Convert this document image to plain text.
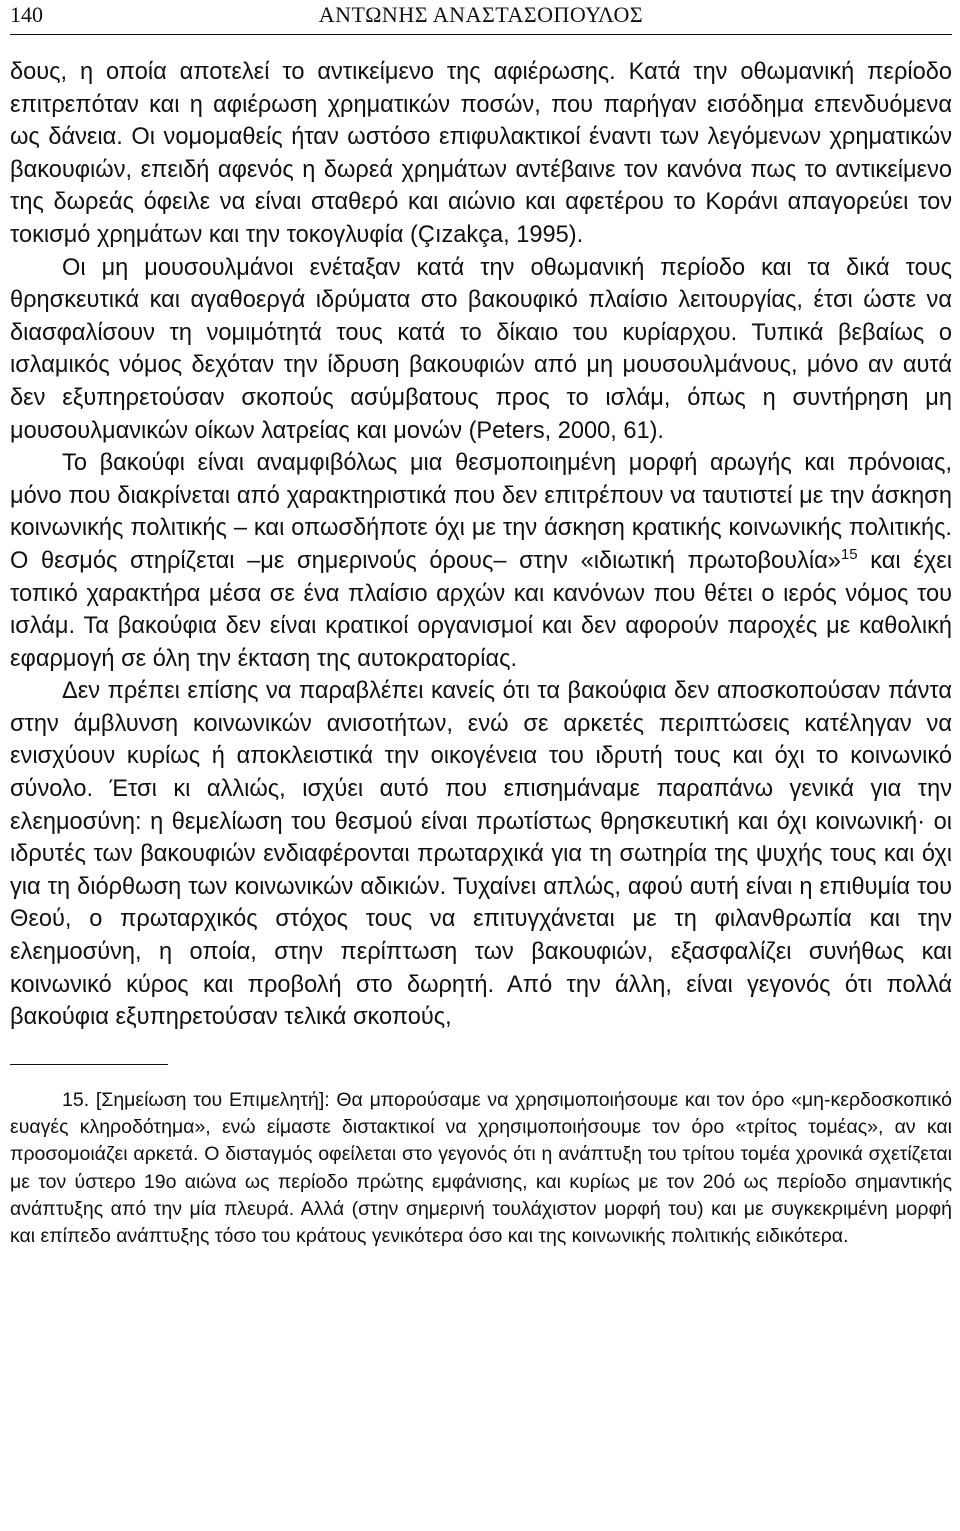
140	ΑΝΤΩΝΗΣ ΑΝΑΣΤΑΣΟΠΟΥΛΟΣ

δους, η οποία αποτελεί το αντικείμενο της αφιέρωσης. Κατά την οθωμανική περίοδο επιτρεπόταν και η αφιέρωση χρηματικών ποσών, που παρήγαν εισόδημα επενδυόμενα ως δάνεια. Οι νομομαθείς ήταν ωστόσο επιφυλακτικοί έναντι των λεγόμενων χρηματικών βακουφιών, επειδή αφενός η δωρεά χρημάτων αντέβαινε τον κανόνα πως το αντικείμενο της δωρεάς όφειλε να είναι σταθερό και αιώνιο και αφετέρου το Κοράνι απαγορεύει τον τοκισμό χρημάτων και την τοκογλυφία (Çızakça, 1995).

Οι μη μουσουλμάνοι ενέταξαν κατά την οθωμανική περίοδο και τα δικά τους θρησκευτικά και αγαθοεργά ιδρύματα στο βακουφικό πλαίσιο λειτουργίας, έτσι ώστε να διασφαλίσουν τη νομιμότητά τους κατά το δίκαιο του κυρίαρχου. Τυπικά βεβαίως ο ισλαμικός νόμος δεχόταν την ίδρυση βακουφιών από μη μουσουλμάνους, μόνο αν αυτά δεν εξυπηρετούσαν σκοπούς ασύμβατους προς το ισλάμ, όπως η συντήρηση μη μουσουλμανικών οίκων λατρείας και μονών (Peters, 2000, 61).

Το βακούφι είναι αναμφιβόλως μια θεσμοποιημένη μορφή αρωγής και πρόνοιας, μόνο που διακρίνεται από χαρακτηριστικά που δεν επιτρέπουν να ταυτιστεί με την άσκηση κοινωνικής πολιτικής – και οπωσδήποτε όχι με την άσκηση κρατικής κοινωνικής πολιτικής. Ο θεσμός στηρίζεται –με σημερινούς όρους– στην «ιδιωτική πρωτοβουλία»$^{15}$ και έχει τοπικό χαρακτήρα μέσα σε ένα πλαίσιο αρχών και κανόνων που θέτει ο ιερός νόμος του ισλάμ. Τα βακούφια δεν είναι κρατικοί οργανισμοί και δεν αφορούν παροχές με καθολική εφαρμογή σε όλη την έκταση της αυτοκρατορίας.

Δεν πρέπει επίσης να παραβλέπει κανείς ότι τα βακούφια δεν αποσκοπούσαν πάντα στην άμβλυνση κοινωνικών ανισοτήτων, ενώ σε αρκετές περιπτώσεις κατέληγαν να ενισχύουν κυρίως ή αποκλειστικά την οικογένεια του ιδρυτή τους και όχι το κοινωνικό σύνολο. Έτσι κι αλλιώς, ισχύει αυτό που επισημάναμε παραπάνω γενικά για την ελεημοσύνη: η θεμελίωση του θεσμού είναι πρωτίστως θρησκευτική και όχι κοινωνική· οι ιδρυτές των βακουφιών ενδιαφέρονται πρωταρχικά για τη σωτηρία της ψυχής τους και όχι για τη διόρθωση των κοινωνικών αδικιών. Τυχαίνει απλώς, αφού αυτή είναι η επιθυμία του Θεού, ο πρωταρχικός στόχος τους να επιτυγχάνεται με τη φιλανθρωπία και την ελεημοσύνη, η οποία, στην περίπτωση των βακουφιών, εξασφαλίζει συνήθως και κοινωνικό κύρος και προβολή στο δωρητή. Από την άλλη, είναι γεγονός ότι πολλά βακούφια εξυπηρετούσαν τελικά σκοπούς,

15. [Σημείωση του Επιμελητή]: Θα μπορούσαμε να χρησιμοποιήσουμε και τον όρο «μη-κερδοσκοπικό ευαγές κληροδότημα», ενώ είμαστε διστακτικοί να χρησιμοποιήσουμε τον όρο «τρίτος τομέας», αν και προσομοιάζει αρκετά. Ο δισταγμός οφείλεται στο γεγονός ότι η ανάπτυξη του τρίτου τομέα χρονικά σχετίζεται με τον ύστερο 19ο αιώνα ως περίοδο πρώτης εμφάνισης, και κυρίως με τον 20ό ως περίοδο σημαντικής ανάπτυξης από την μία πλευρά. Αλλά (στην σημερινή τουλάχιστον μορφή του) και με συγκεκριμένη μορφή και επίπεδο ανάπτυξης τόσο του κράτους γενικότερα όσο και της κοινωνικής πολιτικής ειδικότερα.
